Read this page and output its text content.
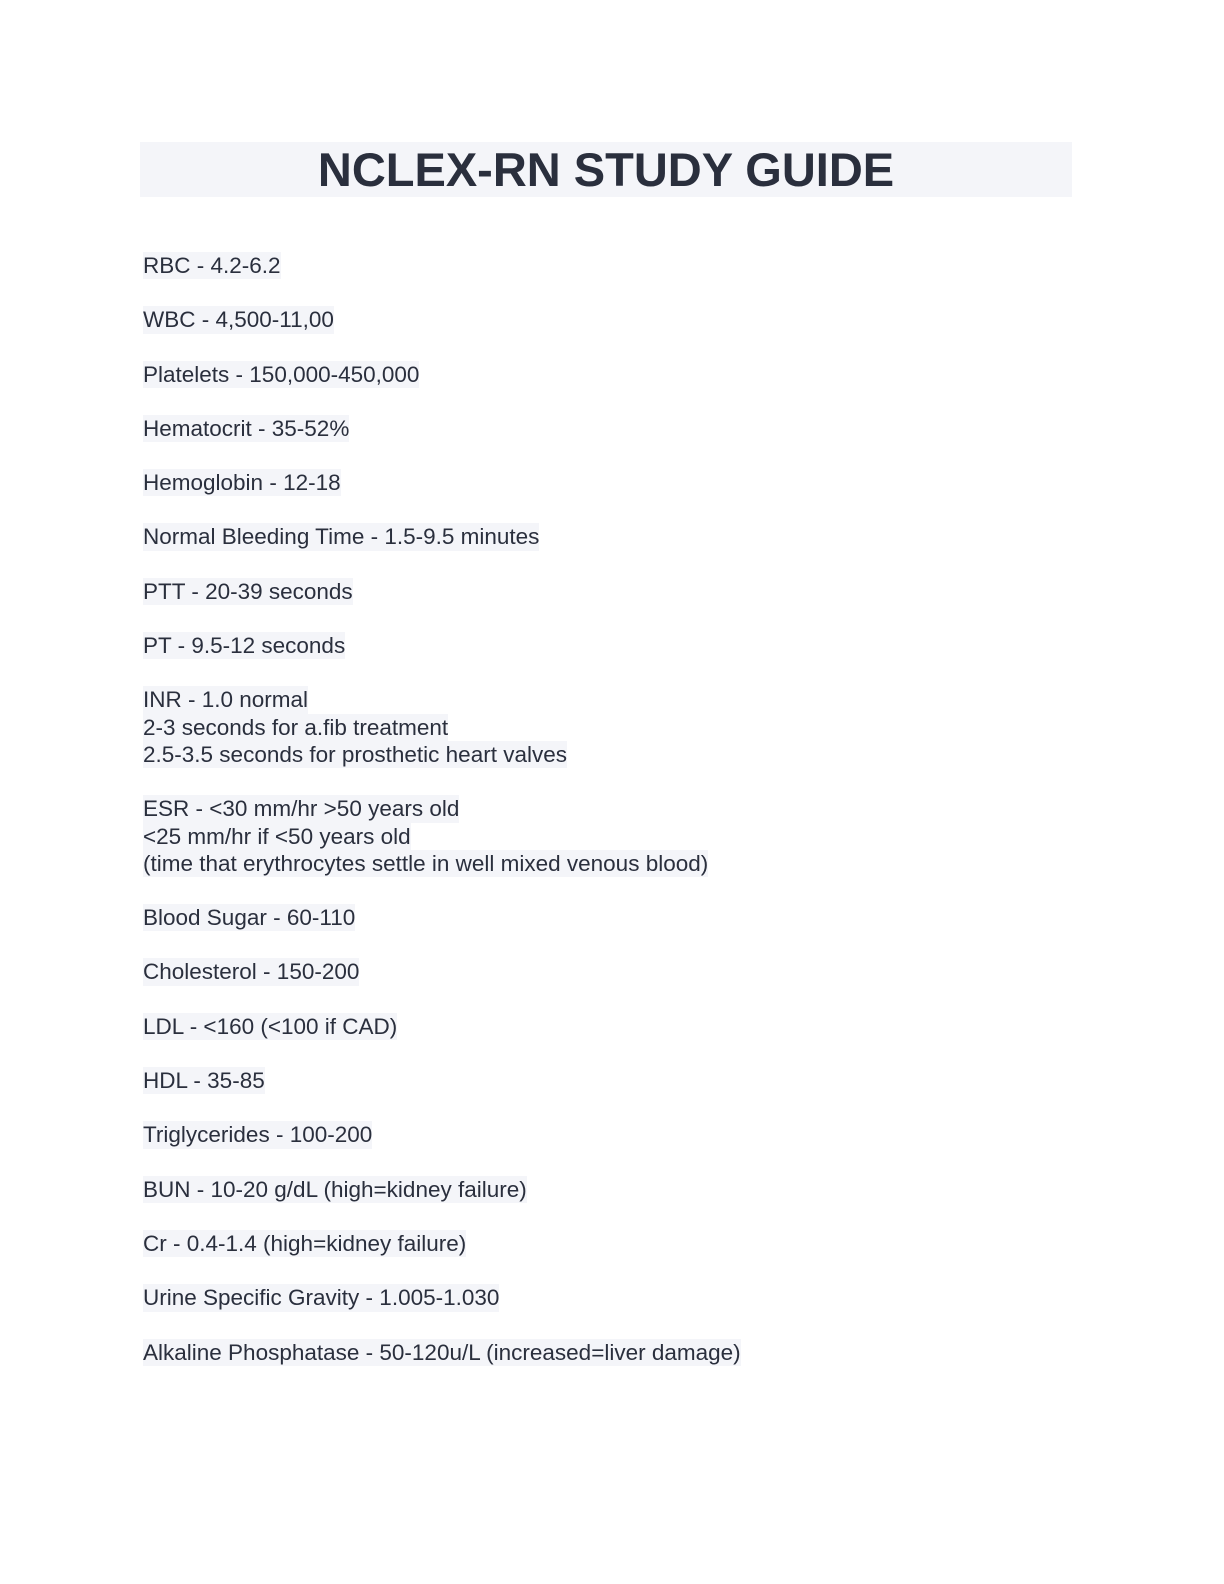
NCLEX-RN STUDY GUIDE
RBC - 4.2-6.2
WBC - 4,500-11,00
Platelets - 150,000-450,000
Hematocrit - 35-52%
Hemoglobin - 12-18
Normal Bleeding Time - 1.5-9.5 minutes
PTT - 20-39 seconds
PT - 9.5-12 seconds
INR - 1.0 normal
2-3 seconds for a.fib treatment
2.5-3.5 seconds for prosthetic heart valves
ESR - <30 mm/hr >50 years old
<25 mm/hr if <50 years old
(time that erythrocytes settle in well mixed venous blood)
Blood Sugar - 60-110
Cholesterol - 150-200
LDL - <160 (<100 if CAD)
HDL - 35-85
Triglycerides - 100-200
BUN - 10-20 g/dL (high=kidney failure)
Cr - 0.4-1.4 (high=kidney failure)
Urine Specific Gravity - 1.005-1.030
Alkaline Phosphatase - 50-120u/L (increased=liver damage)
